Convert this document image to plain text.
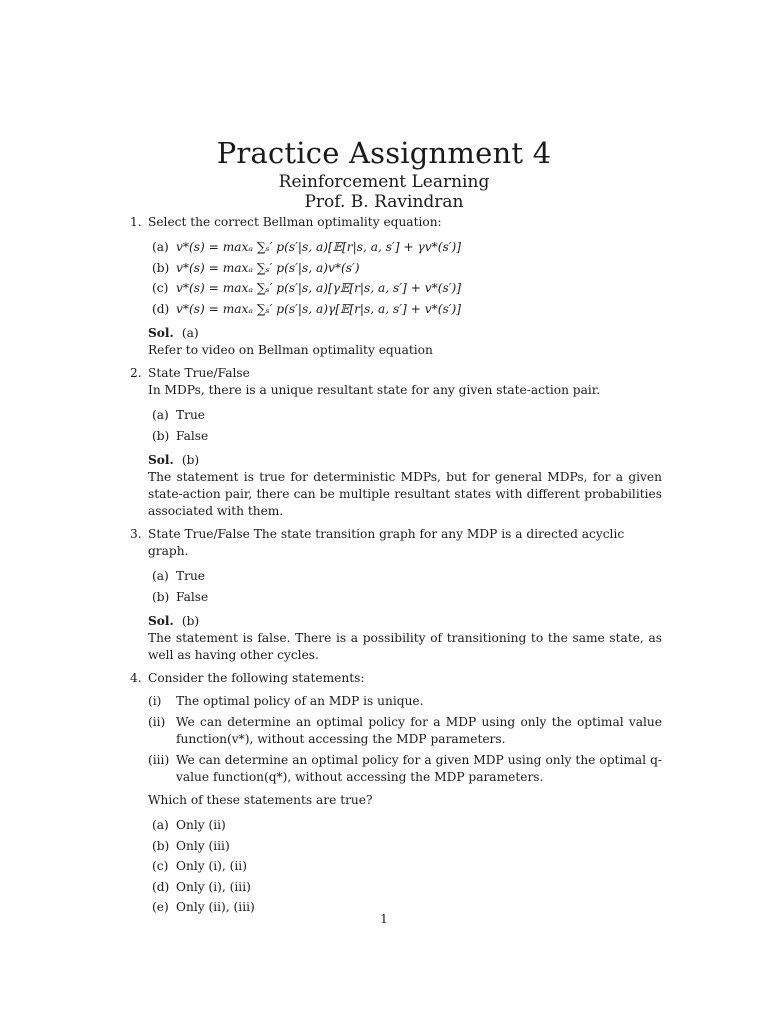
Practice Assignment 4

Reinforcement Learning

Prof. B. Ravindran

1. Select the correct Bellman optimality equation:

(a) v*(s) = maxₐ ∑ₛ′ p(s′|s, a)[𝔼[r|s, a, s′] + γv*(s′)]
(b) v*(s) = maxₐ ∑ₛ′ p(s′|s, a)v*(s′)
(c) v*(s) = maxₐ ∑ₛ′ p(s′|s, a)[γ𝔼[r|s, a, s′] + v*(s′)]
(d) v*(s) = maxₐ ∑ₛ′ p(s′|s, a)γ[𝔼[r|s, a, s′] + v*(s′)]
Sol. (a)
Refer to video on Bellman optimality equation
2. State True/False

In MDPs, there is a unique resultant state for any given state-action pair.

(a) True
(b) False
Sol. (b)
The statement is true for deterministic MDPs, but for general MDPs, for a given state-action pair, there can be multiple resultant states with different probabilities associated with them.
3. State True/False The state transition graph for any MDP is a directed acyclic graph.

(a) True
(b) False
Sol. (b)
The statement is false. There is a possibility of transitioning to the same state, as well as having other cycles.
4. Consider the following statements:

(i) The optimal policy of an MDP is unique.
(ii) We can determine an optimal policy for a MDP using only the optimal value function(v*), without accessing the MDP parameters.
(iii) We can determine an optimal policy for a given MDP using only the optimal q-value function(q*), without accessing the MDP parameters.

Which of these statements are true?

(a) Only (ii)
(b) Only (iii)
(c) Only (i), (ii)
(d) Only (i), (iii)
(e) Only (ii), (iii)
1
